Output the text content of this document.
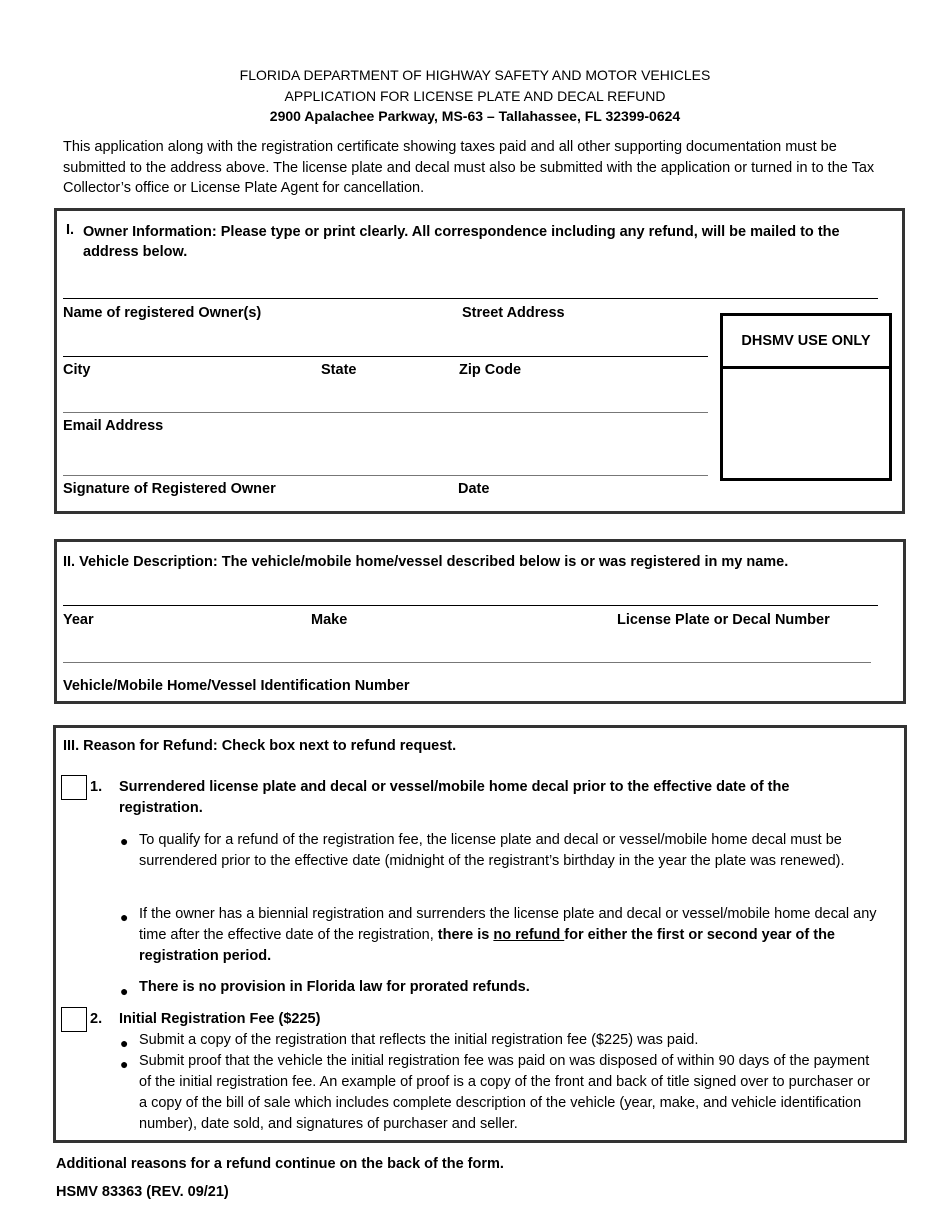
FLORIDA DEPARTMENT OF HIGHWAY SAFETY AND MOTOR VEHICLES
APPLICATION FOR LICENSE PLATE AND DECAL REFUND
2900 Apalachee Parkway, MS-63 – Tallahassee, FL 32399-0624
This application along with the registration certificate showing taxes paid and all other supporting documentation must be submitted to the address above. The license plate and decal must also be submitted with the application or turned in to the Tax Collector’s office or License Plate Agent for cancellation.
I. Owner Information: Please type or print clearly. All correspondence including any refund, will be mailed to the address below.
Name of registered Owner(s)	Street Address
City	State	Zip Code
Email Address
Signature of Registered Owner	Date
DHSMV USE ONLY
II. Vehicle Description: The vehicle/mobile home/vessel described below is or was registered in my name.
Year	Make	License Plate or Decal Number
Vehicle/Mobile Home/Vessel Identification Number
III. Reason for Refund: Check box next to refund request.
1. Surrendered license plate and decal or vessel/mobile home decal prior to the effective date of the registration.
● To qualify for a refund of the registration fee, the license plate and decal or vessel/mobile home decal must be surrendered prior to the effective date (midnight of the registrant’s birthday in the year the plate was renewed).
● If the owner has a biennial registration and surrenders the license plate and decal or vessel/mobile home decal any time after the effective date of the registration, there is no refund for either the first or second year of the registration period.
● There is no provision in Florida law for prorated refunds.
2. Initial Registration Fee ($225)
● Submit a copy of the registration that reflects the initial registration fee ($225) was paid.
● Submit proof that the vehicle the initial registration fee was paid on was disposed of within 90 days of the payment of the initial registration fee. An example of proof is a copy of the front and back of title signed over to purchaser or a copy of the bill of sale which includes complete description of the vehicle (year, make, and vehicle identification number), date sold, and signatures of purchaser and seller.
Additional reasons for a refund continue on the back of the form.
HSMV 83363 (REV. 09/21)
